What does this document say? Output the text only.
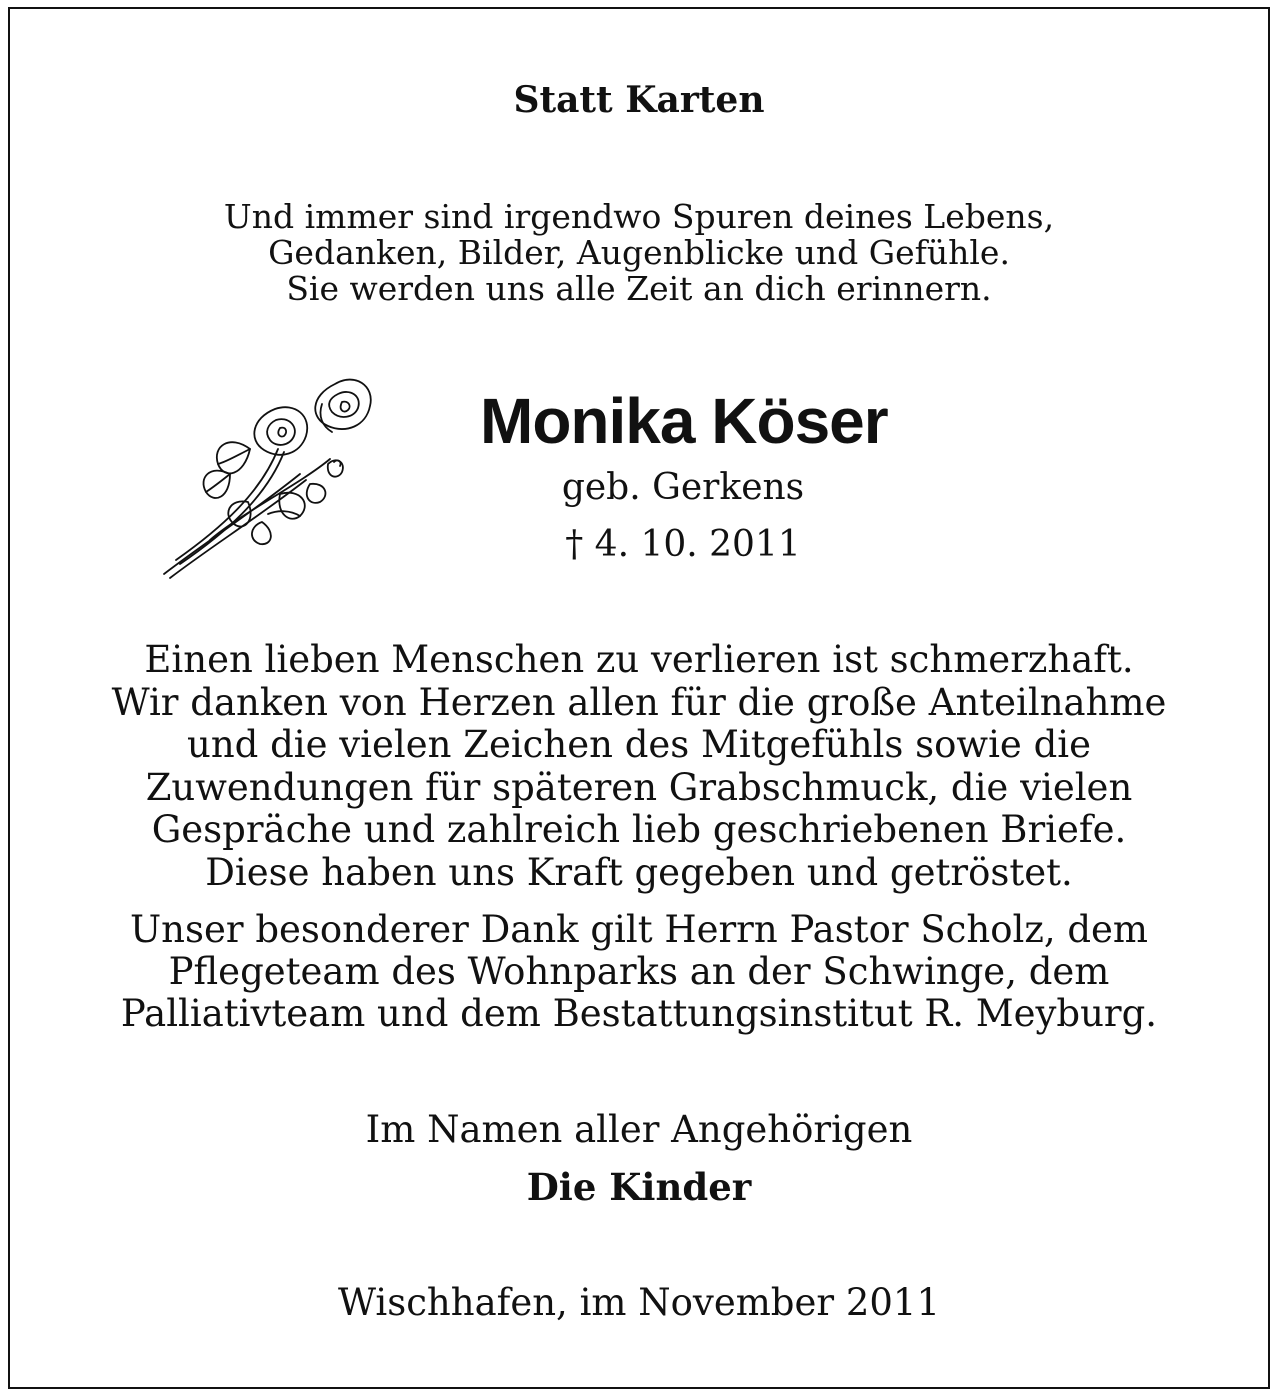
Statt Karten
Und immer sind irgendwo Spuren deines Lebens,
Gedanken, Bilder, Augenblicke und Gefühle.
Sie werden uns alle Zeit an dich erinnern.
Monika Köser
geb. Gerkens
† 4. 10. 2011
Einen lieben Menschen zu verlieren ist schmerzhaft.
Wir danken von Herzen allen für die große Anteilnahme
und die vielen Zeichen des Mitgefühls sowie die
Zuwendungen für späteren Grabschmuck, die vielen
Gespräche und zahlreich lieb geschriebenen Briefe.
Diese haben uns Kraft gegeben und getröstet.
Unser besonderer Dank gilt Herrn Pastor Scholz, dem
Pflegeteam des Wohnparks an der Schwinge, dem
Palliativteam und dem Bestattungsinstitut R. Meyburg.
Im Namen aller Angehörigen
Die Kinder
Wischhafen, im November 2011
